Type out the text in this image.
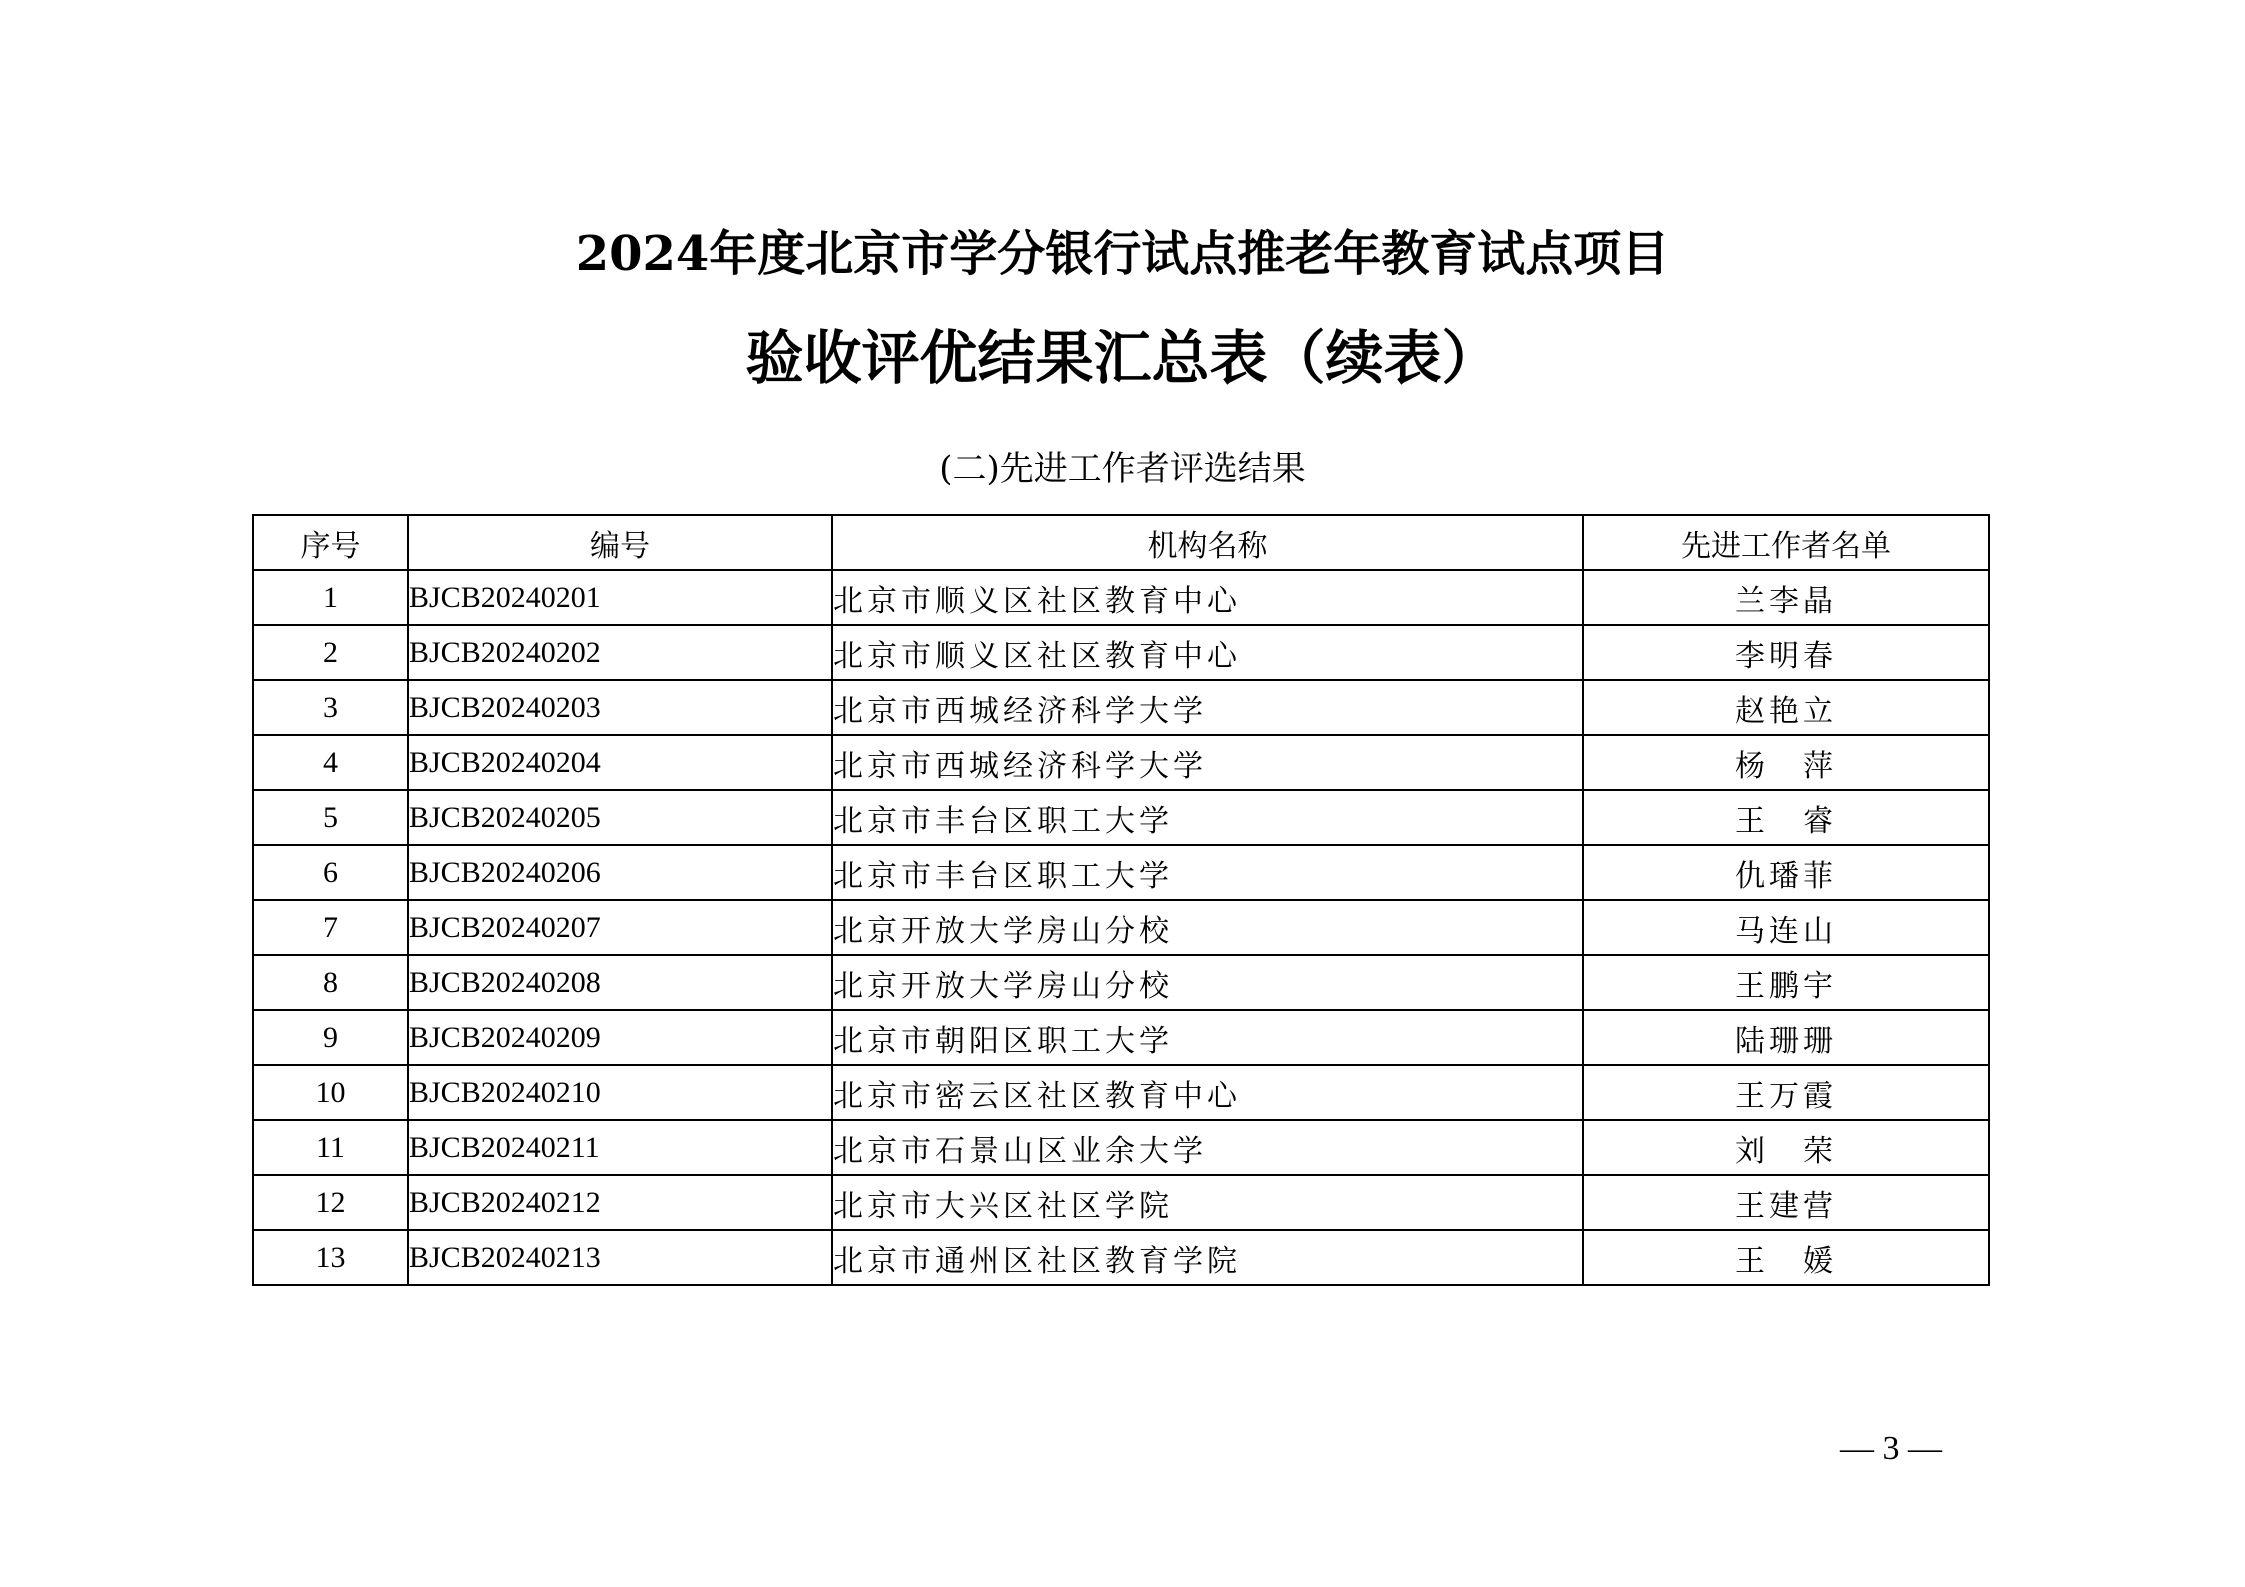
2024年度北京市学分银行试点推老年教育试点项目
验收评优结果汇总表（续表）
(二)先进工作者评选结果
序号	编号	机构名称	先进工作者名单
1	BJCB20240201	北京市顺义区社区教育中心	兰李晶
2	BJCB20240202	北京市顺义区社区教育中心	李明春
3	BJCB20240203	北京市西城经济科学大学	赵艳立
4	BJCB20240204	北京市西城经济科学大学	杨　萍
5	BJCB20240205	北京市丰台区职工大学	王　睿
6	BJCB20240206	北京市丰台区职工大学	仇璠菲
7	BJCB20240207	北京开放大学房山分校	马连山
8	BJCB20240208	北京开放大学房山分校	王鹏宇
9	BJCB20240209	北京市朝阳区职工大学	陆珊珊
10	BJCB20240210	北京市密云区社区教育中心	王万霞
11	BJCB20240211	北京市石景山区业余大学	刘　荣
12	BJCB20240212	北京市大兴区社区学院	王建营
13	BJCB20240213	北京市通州区社区教育学院	王　媛
— 3 —
